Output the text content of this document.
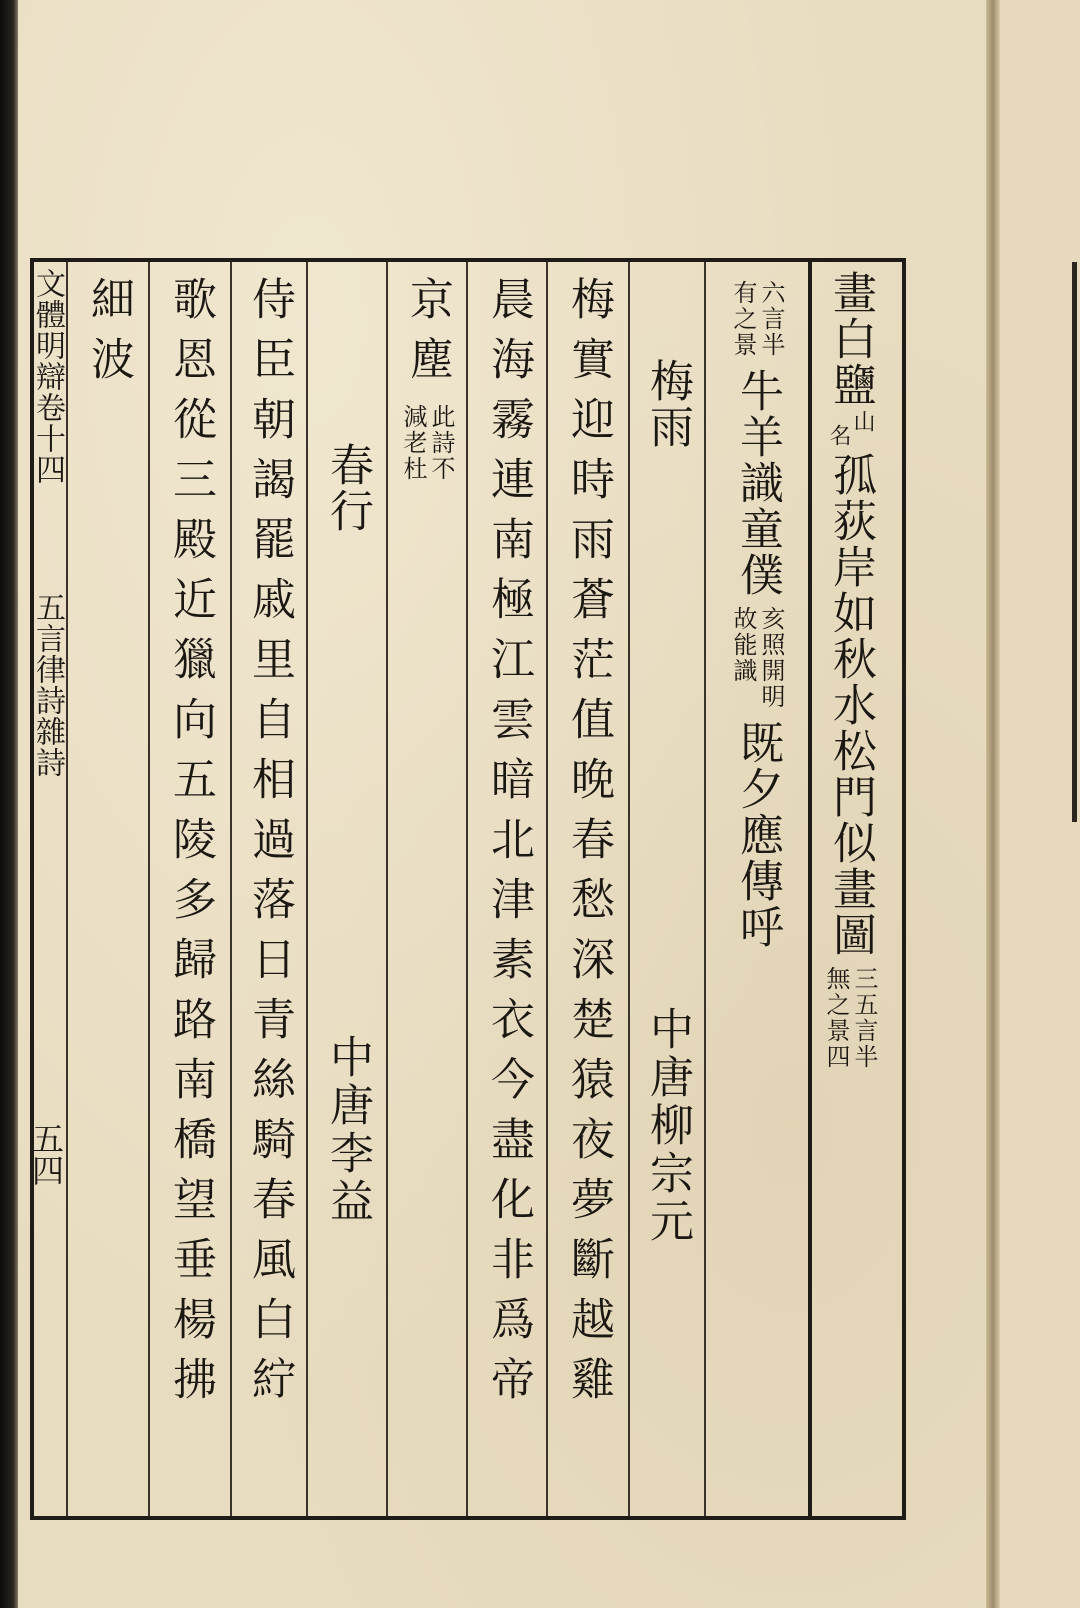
畫白鹽
山
名
孤荻岸如秋水松門似畫圖
三五言半
無之景四
六言半
有之景
牛羊識童僕
亥照開明
故能識
既夕應傳呼
梅雨
中唐柳宗元
梅實迎時雨蒼茫值晚春愁深楚猿夜夢斷越雞
晨海霧連南極江雲暗北津素衣今盡化非爲帝
京塵
此詩不
減老杜
春行
中唐李益
侍臣朝謁罷戚里自相過落日青絲騎春風白紵
歌恩從三殿近獵向五陵多歸路南橋望垂楊拂
細波
文體明辯卷十四
五言律詩雜詩
五四
